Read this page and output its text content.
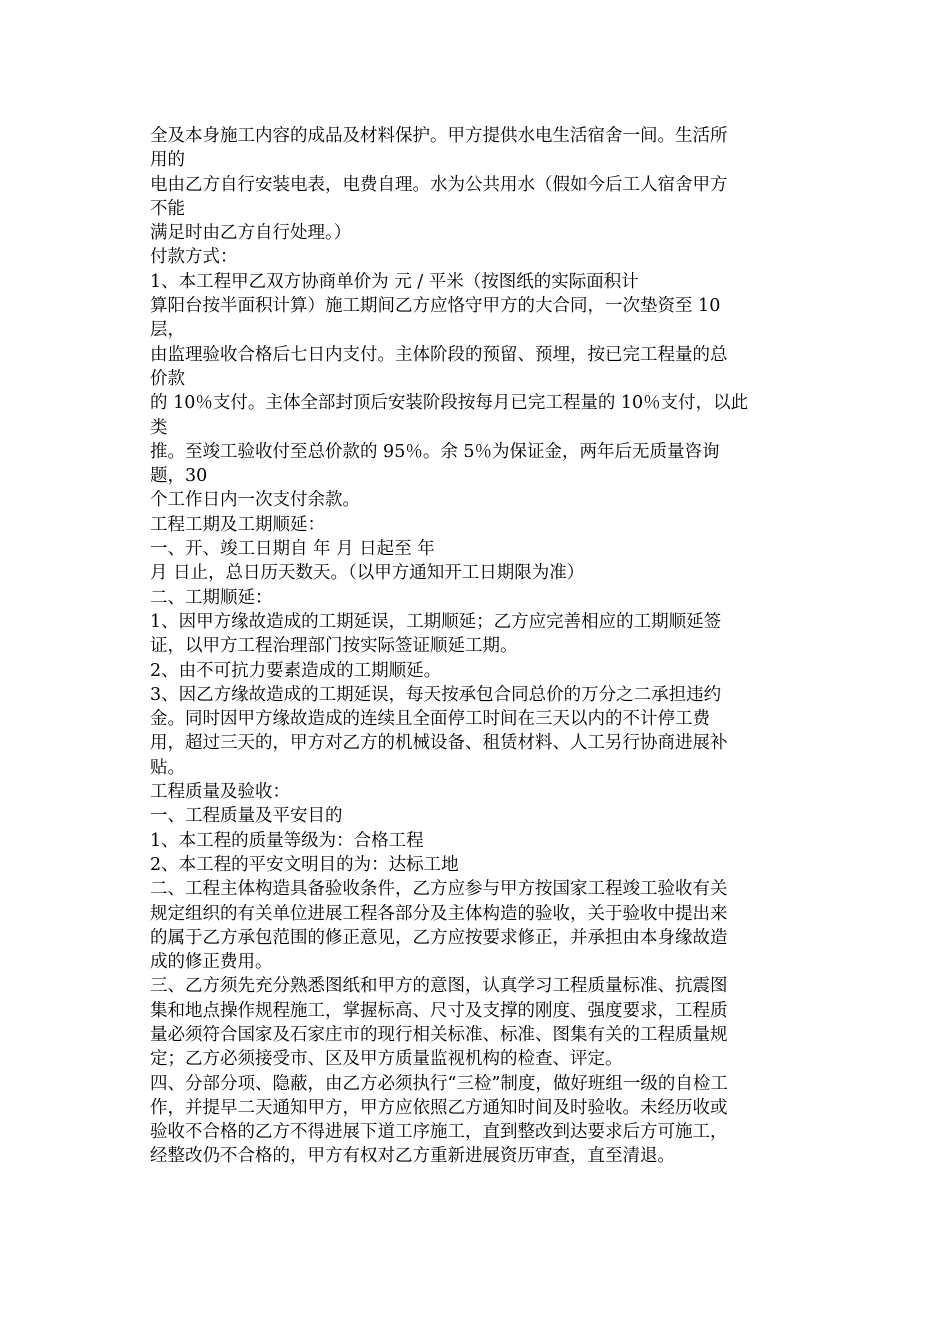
全及本身施工内容的成品及材料保护。甲方提供水电生活宿舍一间。生活所
用的
电由乙方自行安装电表，电费自理。水为公共用水（假如今后工人宿舍甲方
不能
满足时由乙方自行处理。）
付款方式：
1、本工程甲乙双方协商单价为 元 / 平米（按图纸的实际面积计
算阳台按半面积计算）施工期间乙方应恪守甲方的大合同，一次垫资至 10
层，
由监理验收合格后七日内支付。主体阶段的预留、预埋，按已完工程量的总
价款
的 10％支付。主体全部封顶后安装阶段按每月已完工程量的 10％支付，以此
类
推。至竣工验收付至总价款的 95％。余 5％为保证金，两年后无质量咨询
题，30
个工作日内一次支付余款。
工程工期及工期顺延：
一、开、竣工日期自 年 月 日起至 年
月 日止，总日历天数天。（以甲方通知开工日期限为准）
二、工期顺延：
1、因甲方缘故造成的工期延误，工期顺延；乙方应完善相应的工期顺延签
证，以甲方工程治理部门按实际签证顺延工期。
2、由不可抗力要素造成的工期顺延。
3、因乙方缘故造成的工期延误，每天按承包合同总价的万分之二承担违约
金。同时因甲方缘故造成的连续且全面停工时间在三天以内的不计停工费
用，超过三天的，甲方对乙方的机械设备、租赁材料、人工另行协商进展补
贴。
工程质量及验收：
一、工程质量及平安目的
1、本工程的质量等级为：合格工程
2、本工程的平安文明目的为：达标工地
二、工程主体构造具备验收条件，乙方应参与甲方按国家工程竣工验收有关
规定组织的有关单位进展工程各部分及主体构造的验收，关于验收中提出来
的属于乙方承包范围的修正意见，乙方应按要求修正，并承担由本身缘故造
成的修正费用。
三、乙方须先充分熟悉图纸和甲方的意图，认真学习工程质量标准、抗震图
集和地点操作规程施工，掌握标高、尺寸及支撑的刚度、强度要求，工程质
量必须符合国家及石家庄市的现行相关标准、标准、图集有关的工程质量规
定；乙方必须接受市、区及甲方质量监视机构的检查、评定。
四、分部分项、隐蔽，由乙方必须执行“三检”制度，做好班组一级的自检工
作，并提早二天通知甲方，甲方应依照乙方通知时间及时验收。未经历收或
验收不合格的乙方不得进展下道工序施工，直到整改到达要求后方可施工，
经整改仍不合格的，甲方有权对乙方重新进展资历审查，直至清退。
